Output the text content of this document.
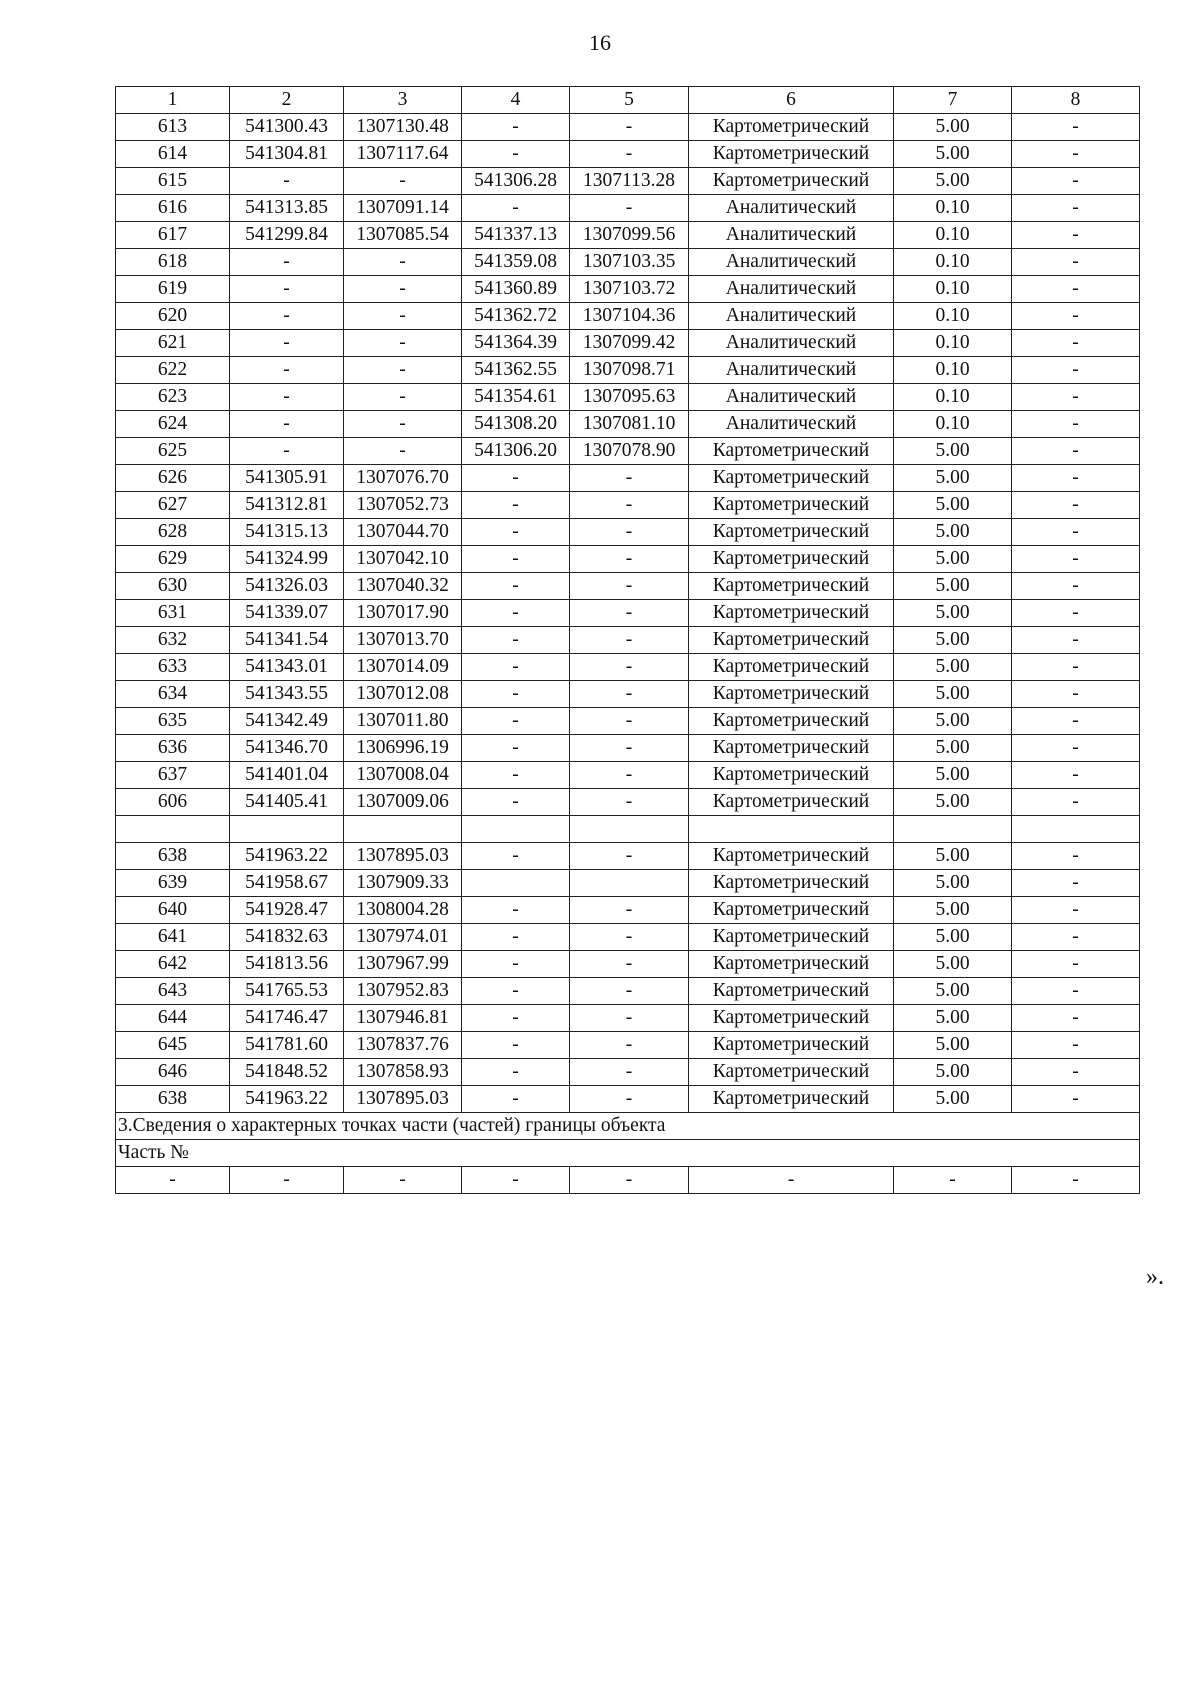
16
1	2	3	4	5	6	7	8
613	541300.43	1307130.48	-	-	Картометрический	5.00	-
614	541304.81	1307117.64	-	-	Картометрический	5.00	-
615	-	-	541306.28	1307113.28	Картометрический	5.00	-
616	541313.85	1307091.14	-	-	Аналитический	0.10	-
617	541299.84	1307085.54	541337.13	1307099.56	Аналитический	0.10	-
618	-	-	541359.08	1307103.35	Аналитический	0.10	-
619	-	-	541360.89	1307103.72	Аналитический	0.10	-
620	-	-	541362.72	1307104.36	Аналитический	0.10	-
621	-	-	541364.39	1307099.42	Аналитический	0.10	-
622	-	-	541362.55	1307098.71	Аналитический	0.10	-
623	-	-	541354.61	1307095.63	Аналитический	0.10	-
624	-	-	541308.20	1307081.10	Аналитический	0.10	-
625	-	-	541306.20	1307078.90	Картометрический	5.00	-
626	541305.91	1307076.70	-	-	Картометрический	5.00	-
627	541312.81	1307052.73	-	-	Картометрический	5.00	-
628	541315.13	1307044.70	-	-	Картометрический	5.00	-
629	541324.99	1307042.10	-	-	Картометрический	5.00	-
630	541326.03	1307040.32	-	-	Картометрический	5.00	-
631	541339.07	1307017.90	-	-	Картометрический	5.00	-
632	541341.54	1307013.70	-	-	Картометрический	5.00	-
633	541343.01	1307014.09	-	-	Картометрический	5.00	-
634	541343.55	1307012.08	-	-	Картометрический	5.00	-
635	541342.49	1307011.80	-	-	Картометрический	5.00	-
636	541346.70	1306996.19	-	-	Картометрический	5.00	-
637	541401.04	1307008.04	-	-	Картометрический	5.00	-
606	541405.41	1307009.06	-	-	Картометрический	5.00	-

638	541963.22	1307895.03	-	-	Картометрический	5.00	-
639	541958.67	1307909.33			Картометрический	5.00	-
640	541928.47	1308004.28	-	-	Картометрический	5.00	-
641	541832.63	1307974.01	-	-	Картометрический	5.00	-
642	541813.56	1307967.99	-	-	Картометрический	5.00	-
643	541765.53	1307952.83	-	-	Картометрический	5.00	-
644	541746.47	1307946.81	-	-	Картометрический	5.00	-
645	541781.60	1307837.76	-	-	Картометрический	5.00	-
646	541848.52	1307858.93	-	-	Картометрический	5.00	-
638	541963.22	1307895.03	-	-	Картометрический	5.00	-
3.Сведения о характерных точках части (частей) границы объекта							
Часть №							
-	-	-	-	-	-	-	-
».
